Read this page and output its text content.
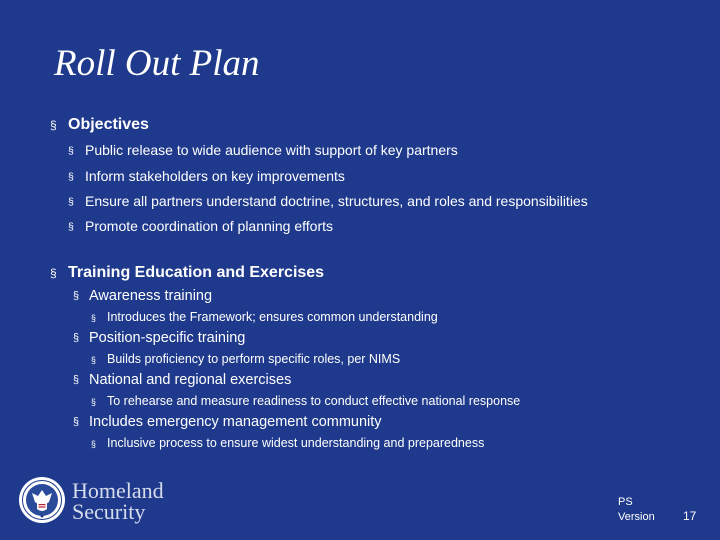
Roll Out Plan
§ Objectives
§ Public release to wide audience with support of key partners
§ Inform stakeholders on key improvements
§ Ensure all partners understand doctrine, structures, and roles and responsibilities
§ Promote coordination of planning efforts
§ Training Education and Exercises
§ Awareness training
§ Introduces the Framework; ensures common understanding
§ Position-specific training
§ Builds proficiency to perform specific roles, per NIMS
§ National and regional exercises
§ To rehearse and measure readiness to conduct effective national response
§ Includes emergency management community
§ Inclusive process to ensure widest understanding and preparedness
Homeland
Security	PS
Version 17
